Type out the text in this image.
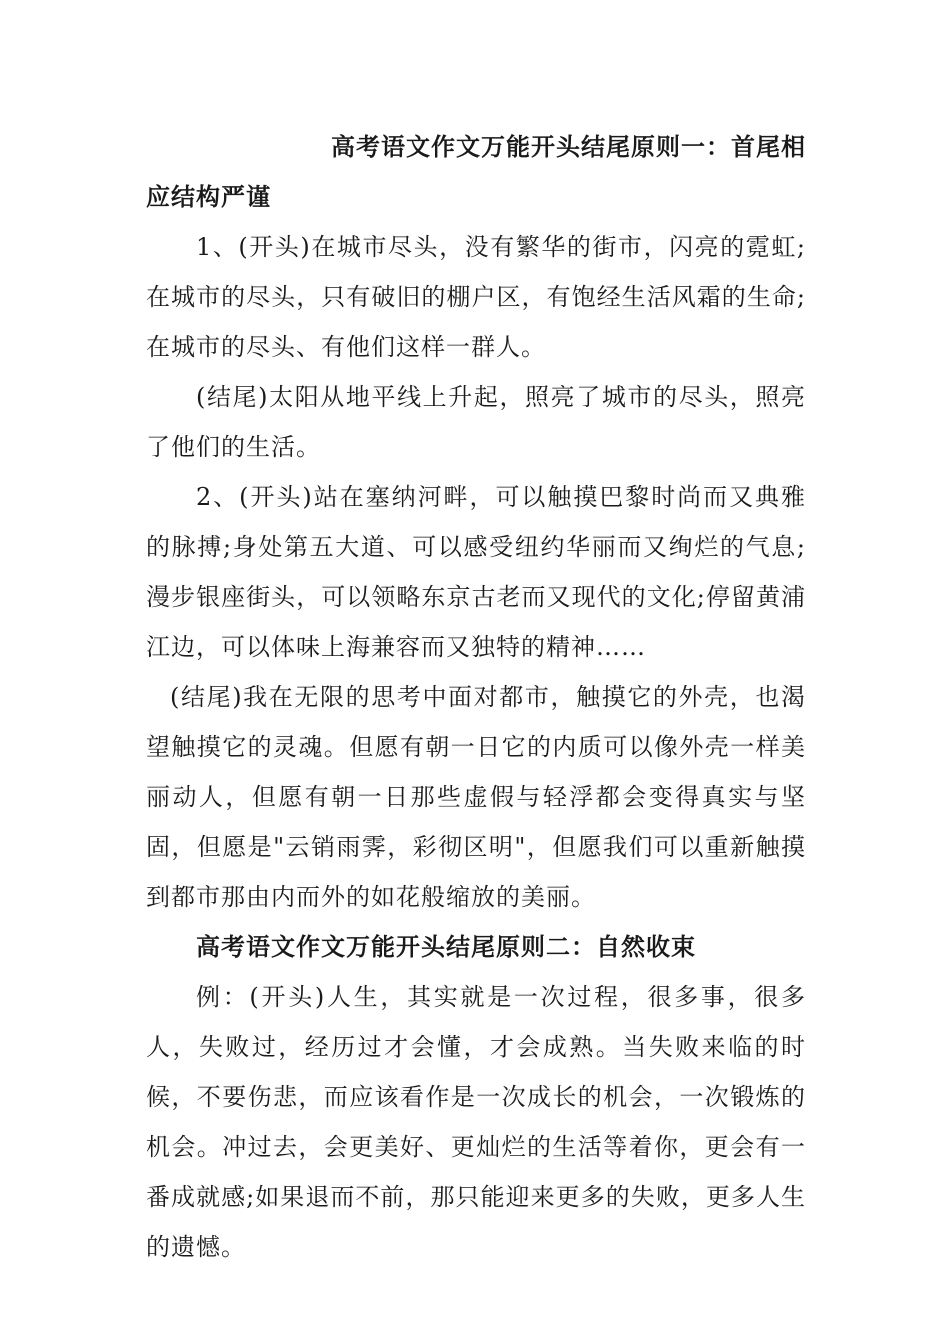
高考语文作文万能开头结尾原则一：首尾相

应结构严谨

1、(开头)在城市尽头，没有繁华的街市，闪亮的霓虹;在城市的尽头，只有破旧的棚户区，有饱经生活风霜的生命;在城市的尽头、有他们这样一群人。

(结尾)太阳从地平线上升起，照亮了城市的尽头，照亮了他们的生活。

2、(开头)站在塞纳河畔，可以触摸巴黎时尚而又典雅的脉搏;身处第五大道、可以感受纽约华丽而又绚烂的气息;漫步银座街头，可以领略东京古老而又现代的文化;停留黄浦江边，可以体味上海兼容而又独特的精神……

(结尾)我在无限的思考中面对都市，触摸它的外壳，也渴望触摸它的灵魂。但愿有朝一日它的内质可以像外壳一样美丽动人，但愿有朝一日那些虚假与轻浮都会变得真实与坚固，但愿是"云销雨霁，彩彻区明"，但愿我们可以重新触摸到都市那由内而外的如花般缩放的美丽。

高考语文作文万能开头结尾原则二：自然收束

例：(开头)人生，其实就是一次过程，很多事，很多人，失败过，经历过才会懂，才会成熟。当失败来临的时候，不要伤悲，而应该看作是一次成长的机会，一次锻炼的机会。冲过去，会更美好、更灿烂的生活等着你，更会有一番成就感;如果退而不前，那只能迎来更多的失败，更多人生的遗憾。
